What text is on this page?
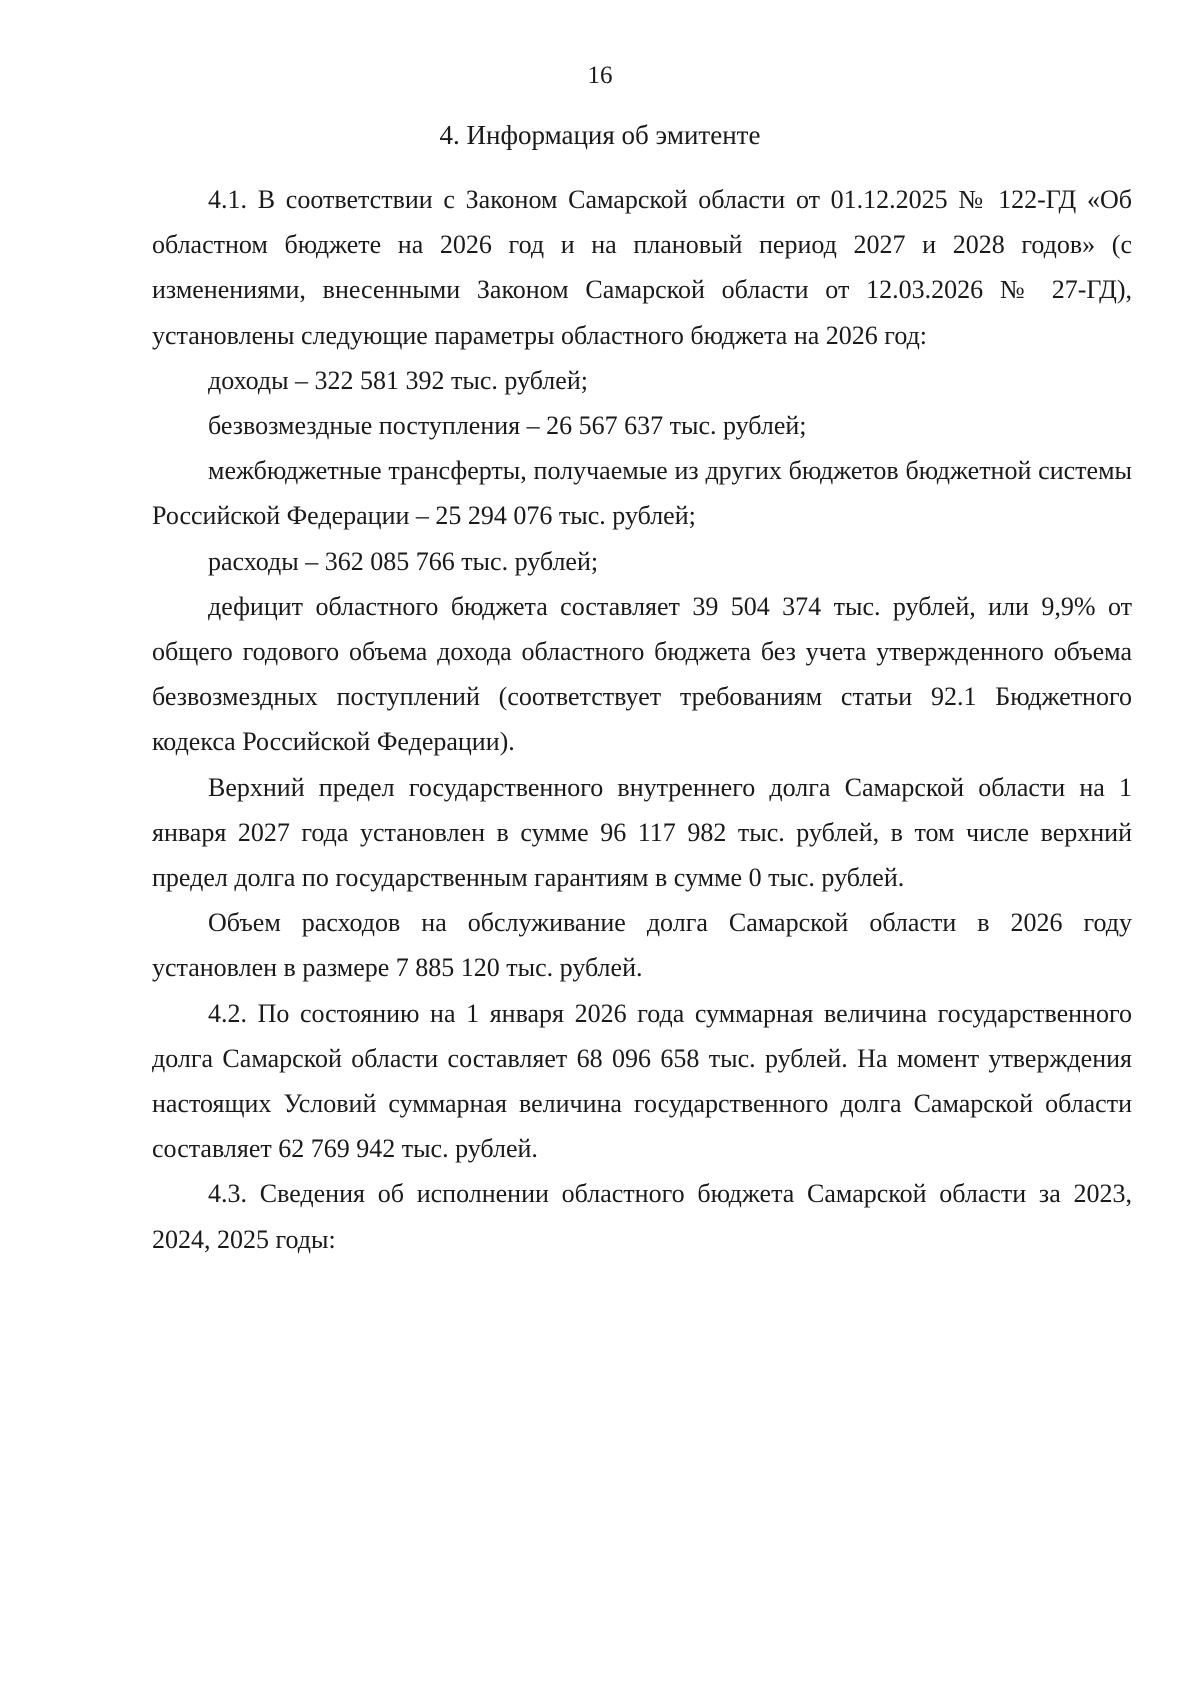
16
4. Информация об эмитенте

4.1. В соответствии с Законом Самарской области от 01.12.2025 № 122-ГД «Об областном бюджете на 2026 год и на плановый период 2027 и 2028 годов» (с изменениями, внесенными Законом Самарской области от 12.03.2026 № 27-ГД), установлены следующие параметры областного бюджета на 2026 год:

доходы – 322 581 392 тыс. рублей;

безвозмездные поступления – 26 567 637 тыс. рублей;

межбюджетные трансферты, получаемые из других бюджетов бюджетной системы Российской Федерации – 25 294 076 тыс. рублей;

расходы – 362 085 766 тыс. рублей;

дефицит областного бюджета составляет 39 504 374 тыс. рублей, или 9,9% от общего годового объема дохода областного бюджета без учета утвержденного объема безвозмездных поступлений (соответствует требованиям статьи 92.1 Бюджетного кодекса Российской Федерации).

Верхний предел государственного внутреннего долга Самарской области на 1 января 2027 года установлен в сумме 96 117 982 тыс. рублей, в том числе верхний предел долга по государственным гарантиям в сумме 0 тыс. рублей.

Объем расходов на обслуживание долга Самарской области в 2026 году установлен в размере 7 885 120 тыс. рублей.

4.2. По состоянию на 1 января 2026 года суммарная величина государственного долга Самарской области составляет 68 096 658 тыс. рублей. На момент утверждения настоящих Условий суммарная величина государственного долга Самарской области составляет 62 769 942 тыс. рублей.

4.3. Сведения об исполнении областного бюджета Самарской области за 2023, 2024, 2025 годы:
